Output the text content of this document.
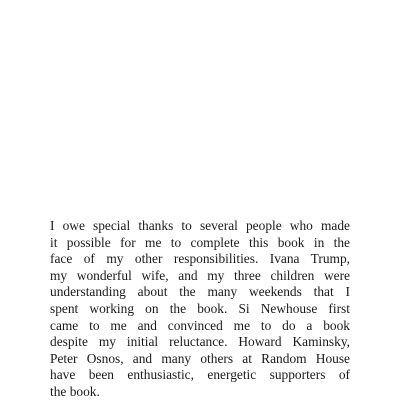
I owe special thanks to several people who made
it possible for me to complete this book in the
face of my other responsibilities. Ivana Trump,
my wonderful wife, and my three children were
understanding about the many weekends that I
spent working on the book. Si Newhouse first
came to me and convinced me to do a book
despite my initial reluctance. Howard Kaminsky,
Peter Osnos, and many others at Random House
have been enthusiastic, energetic supporters of
the book.
